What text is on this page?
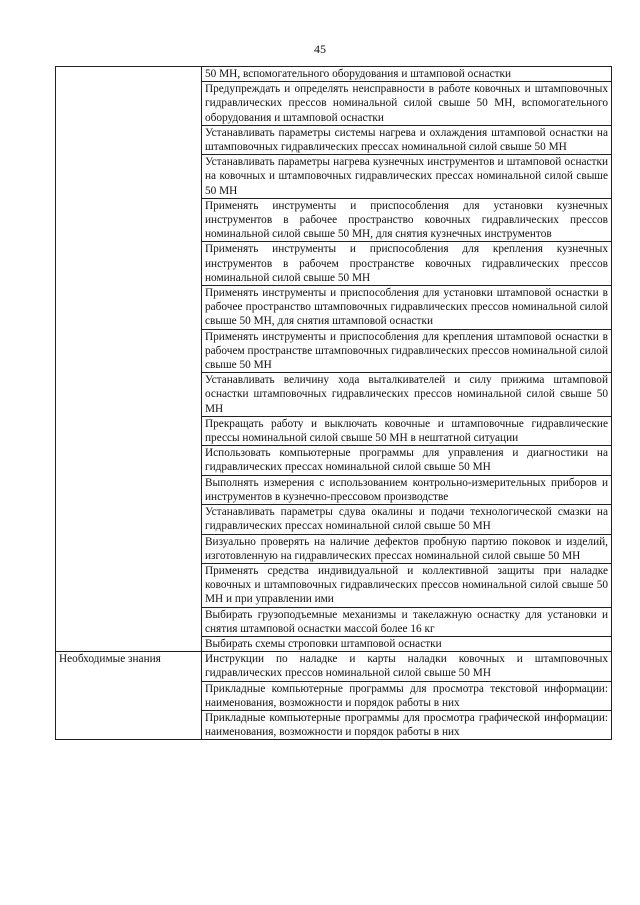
45
	50 МН, вспомогательного оборудования и штамповой оснастки
	Предупреждать и определять неисправности в работе ковочных и штамповочных гидравлических прессов номинальной силой свыше 50 МН, вспомогательного оборудования и штамповой оснастки
	Устанавливать параметры системы нагрева и охлаждения штамповой оснастки на штамповочных гидравлических прессах номинальной силой свыше 50 МН
	Устанавливать параметры нагрева кузнечных инструментов и штамповой оснастки на ковочных и штамповочных гидравлических прессах номинальной силой свыше 50 МН
	Применять инструменты и приспособления для установки кузнечных инструментов в рабочее пространство ковочных гидравлических прессов номинальной силой свыше 50 МН, для снятия кузнечных инструментов
	Применять инструменты и приспособления для крепления кузнечных инструментов в рабочем пространстве ковочных гидравлических прессов номинальной силой свыше 50 МН
	Применять инструменты и приспособления для установки штамповой оснастки в рабочее пространство штамповочных гидравлических прессов номинальной силой свыше 50 МН, для снятия штамповой оснастки
	Применять инструменты и приспособления для крепления штамповой оснастки в рабочем пространстве штамповочных гидравлических прессов номинальной силой свыше 50 МН
	Устанавливать величину хода выталкивателей и силу прижима штамповой оснастки штамповочных гидравлических прессов номинальной силой свыше 50 МН
	Прекращать работу и выключать ковочные и штамповочные гидравлические прессы номинальной силой свыше 50 МН в нештатной ситуации
	Использовать компьютерные программы для управления и диагностики на гидравлических прессах номинальной силой свыше 50 МН
	Выполнять измерения с использованием контрольно-измерительных приборов и инструментов в кузнечно-прессовом производстве
	Устанавливать параметры сдува окалины и подачи технологической смазки на гидравлических прессах номинальной силой свыше 50 МН
	Визуально проверять на наличие дефектов пробную партию поковок и изделий, изготовленную на гидравлических прессах номинальной силой свыше 50 МН
	Применять средства индивидуальной и коллективной защиты при наладке ковочных и штамповочных гидравлических прессов номинальной силой свыше 50 МН и при управлении ими
	Выбирать грузоподъемные механизмы и такелажную оснастку для установки и снятия штамповой оснастки массой более 16 кг
	Выбирать схемы строповки штамповой оснастки
Необходимые знания	Инструкции по наладке и карты наладки ковочных и штамповочных гидравлических прессов номинальной силой свыше 50 МН
	Прикладные компьютерные программы для просмотра текстовой информации: наименования, возможности и порядок работы в них
	Прикладные компьютерные программы для просмотра графической информации: наименования, возможности и порядок работы в них
